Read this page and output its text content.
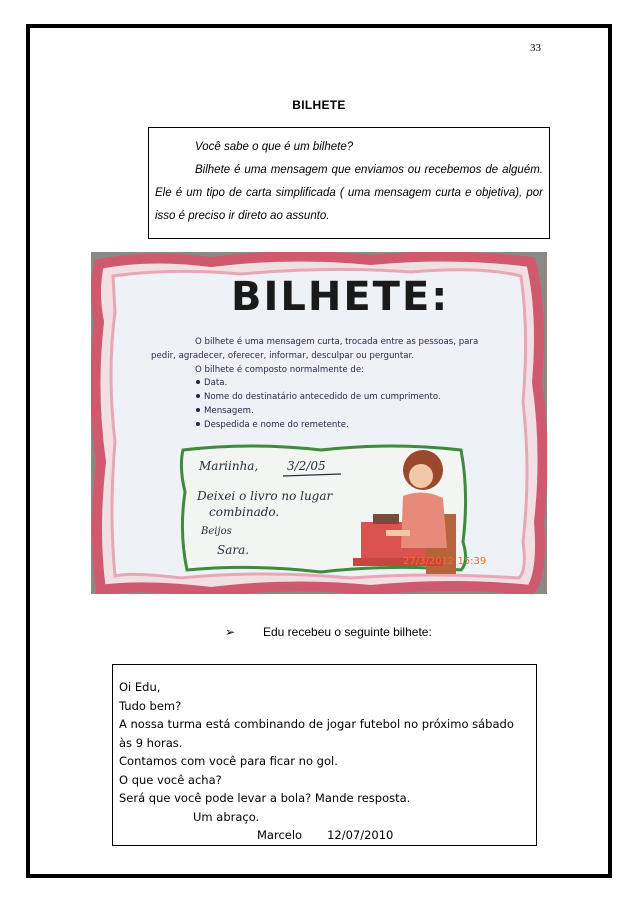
33
BILHETE

Você sabe o que é um bilhete?

Bilhete é uma mensagem que enviamos ou recebemos de alguém. Ele é um tipo de carta simplificada ( uma mensagem curta e objetiva), por isso é preciso ir direto ao assunto.

BILHETE:
O bilhete é uma mensagem curta, trocada entre as pessoas, para
pedir, agradecer, oferecer, informar, desculpar ou perguntar.
O bilhete é composto normalmente de:
Data.
Nome do destinatário antecedido de um cumprimento.
Mensagem.
Despedida e nome do remetente.
Mariinha, 3/2/05
Deixei o livro no lugar
combinado.
Beijos
Sara.
27/3/2012 15:39
➢ Edu recebeu o seguinte bilhete:
Oi Edu,
Tudo bem?
A nossa turma está combinando de jogar futebol no próximo sábado
às 9 horas.
Contamos com você para ficar no gol.
O que você acha?
Será que você pode levar a bola? Mande resposta.
Um abraço.
Marcelo 12/07/2010
